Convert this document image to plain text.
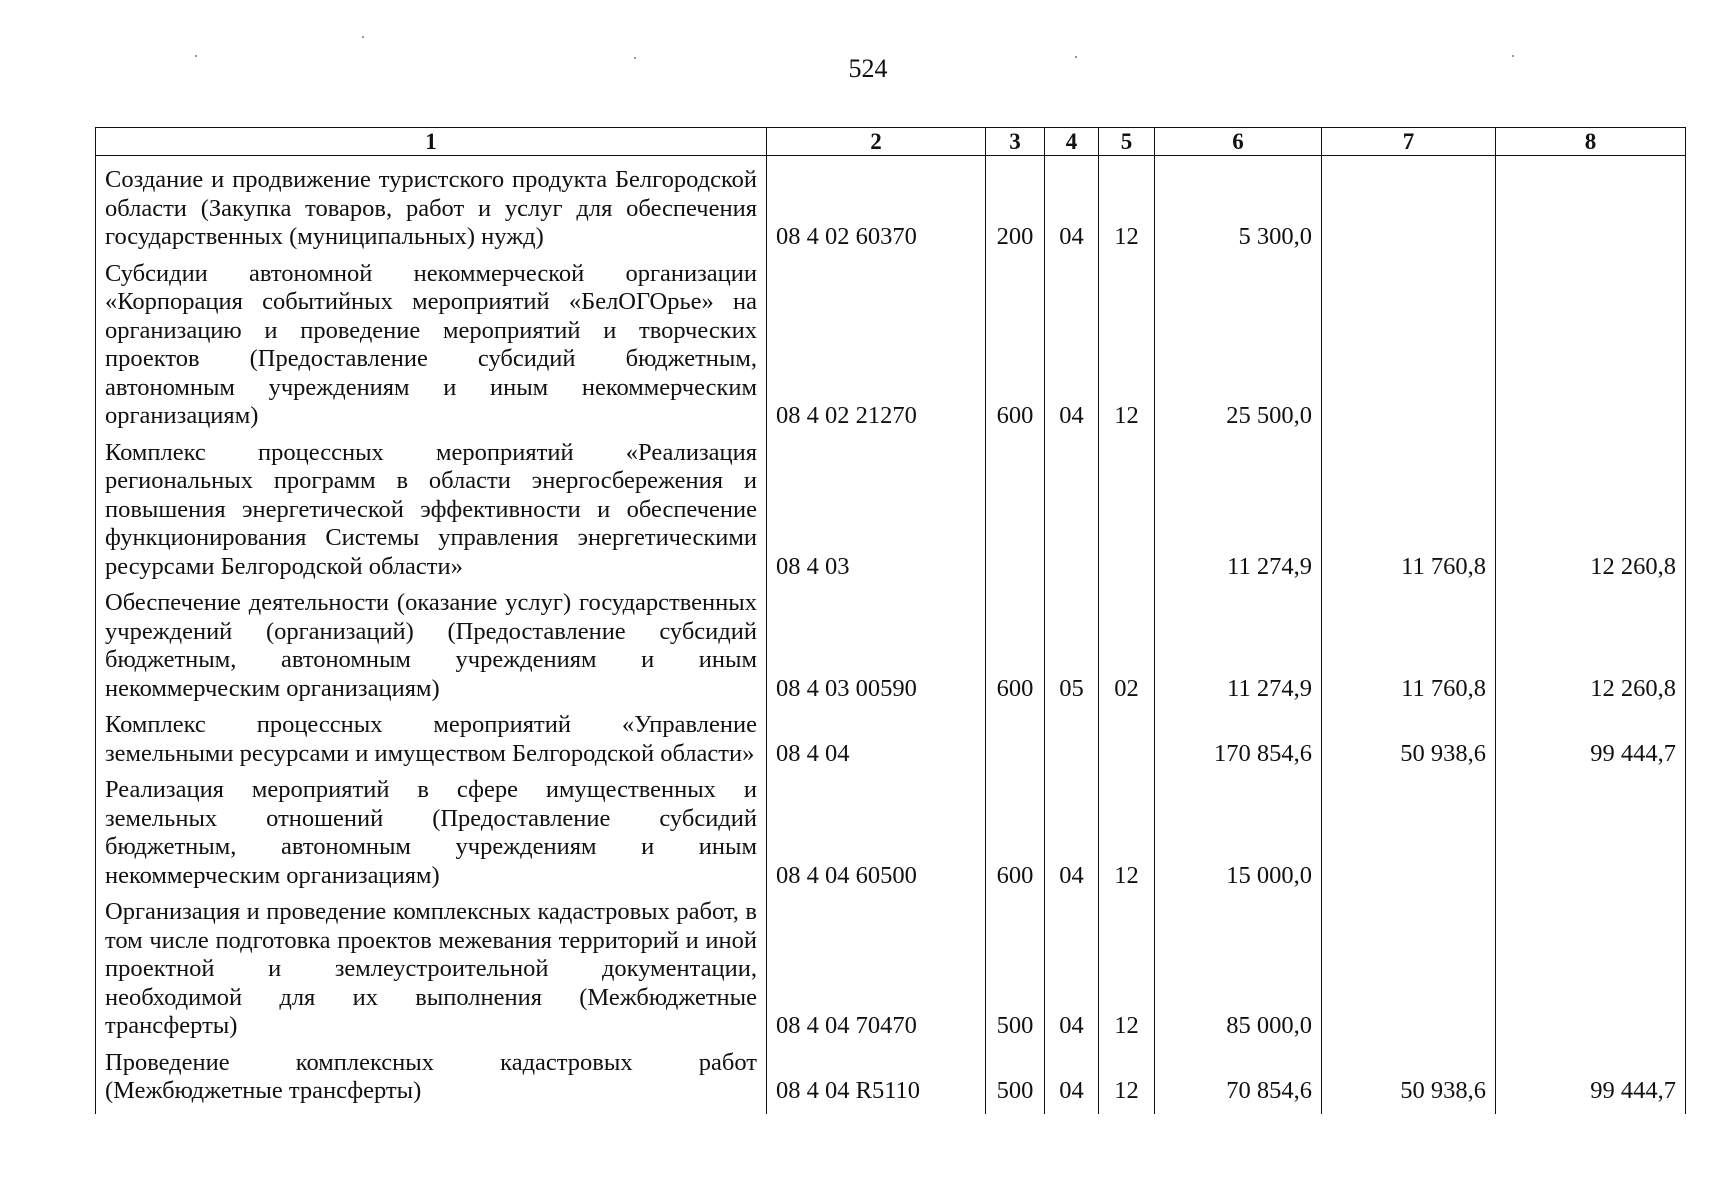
524
1	2	3	4	5	6	7	8
Создание и продвижение туристского продукта Белгородской области (Закупка товаров, работ и услуг для обеспечения государственных (муниципальных) нужд)	08 4 02 60370	200	04	12	5 300,0		
Субсидии автономной некоммерческой организации «Корпорация событийных мероприятий «БелОГОрье» на организацию и проведение мероприятий и творческих проектов (Предоставление субсидий бюджетным, автономным учреждениям и иным некоммерческим организациям)	08 4 02 21270	600	04	12	25 500,0		
Комплекс процессных мероприятий «Реализация региональных программ в области энергосбережения и повышения энергетической эффективности и обеспечение функционирования Системы управления энергетическими ресурсами Белгородской области»	08 4 03				11 274,9	11 760,8	12 260,8
Обеспечение деятельности (оказание услуг) государственных учреждений (организаций) (Предоставление субсидий бюджетным, автономным учреждениям и иным некоммерческим организациям)	08 4 03 00590	600	05	02	11 274,9	11 760,8	12 260,8
Комплекс процессных мероприятий «Управление земельными ресурсами и имуществом Белгородской области»	08 4 04				170 854,6	50 938,6	99 444,7
Реализация мероприятий в сфере имущественных и земельных отношений (Предоставление субсидий бюджетным, автономным учреждениям и иным некоммерческим организациям)	08 4 04 60500	600	04	12	15 000,0		
Организация и проведение комплексных кадастровых работ, в том числе подготовка проектов межевания территорий и иной проектной и землеустроительной документации, необходимой для их выполнения (Межбюджетные трансферты)	08 4 04 70470	500	04	12	85 000,0		
Проведение комплексных кадастровых работ (Межбюджетные трансферты)	08 4 04 R5110	500	04	12	70 854,6	50 938,6	99 444,7
